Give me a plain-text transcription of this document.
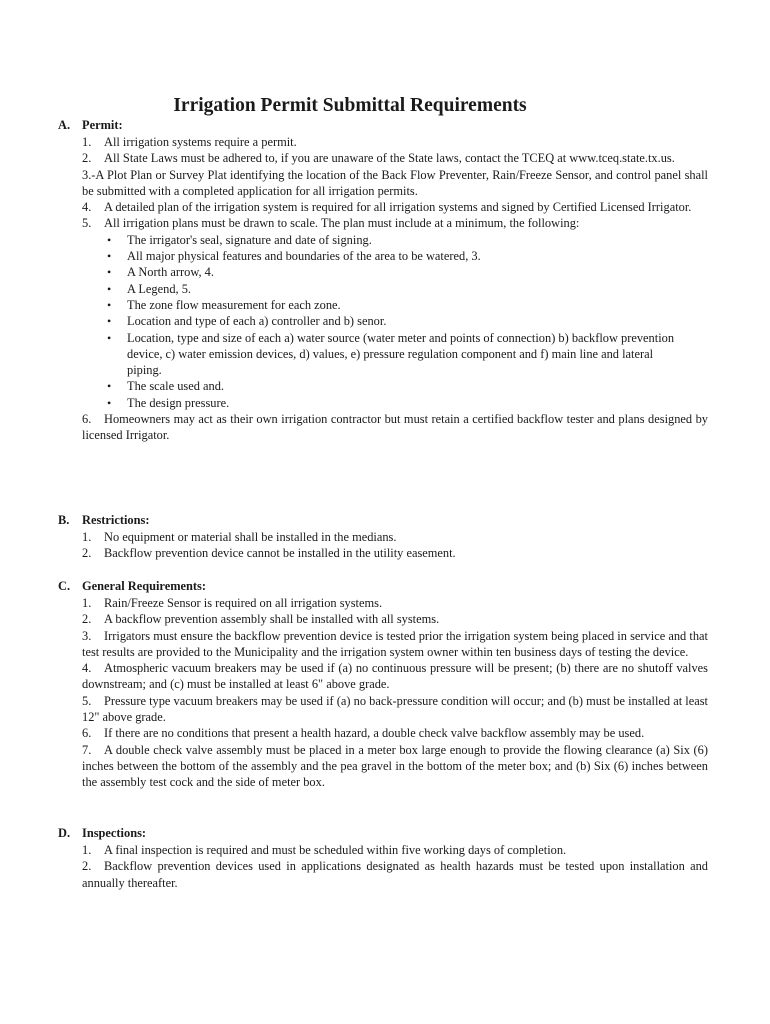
Irrigation Permit Submittal Requirements
A. Permit:
1. All irrigation systems require a permit.
2. All State Laws must be adhered to, if you are unaware of the State laws, contact the TCEQ at www.tceq.state.tx.us.
3.-A Plot Plan or Survey Plat identifying the location of the Back Flow Preventer, Rain/Freeze Sensor, and control panel shall be submitted with a completed application for all irrigation permits.
4. A detailed plan of the irrigation system is required for all irrigation systems and signed by Certified Licensed Irrigator.
5. All irrigation plans must be drawn to scale. The plan must include at a minimum, the following:
• The irrigator's seal, signature and date of signing.
• All major physical features and boundaries of the area to be watered, 3.
• A North arrow, 4.
• A Legend, 5.
• The zone flow measurement for each zone.
• Location and type of each a) controller and b) senor.
• Location, type and size of each a) water source (water meter and points of connection) b) backflow prevention device, c) water emission devices, d) values, e) pressure regulation component and f) main line and lateral piping.
• The scale used and.
• The design pressure.
6. Homeowners may act as their own irrigation contractor but must retain a certified backflow tester and plans designed by licensed Irrigator.
B. Restrictions:
1. No equipment or material shall be installed in the medians.
2. Backflow prevention device cannot be installed in the utility easement.
C. General Requirements:
1. Rain/Freeze Sensor is required on all irrigation systems.
2. A backflow prevention assembly shall be installed with all systems.
3. Irrigators must ensure the backflow prevention device is tested prior the irrigation system being placed in service and that test results are provided to the Municipality and the irrigation system owner within ten business days of testing the device.
4. Atmospheric vacuum breakers may be used if (a) no continuous pressure will be present; (b) there are no shutoff valves downstream; and (c) must be installed at least 6" above grade.
5. Pressure type vacuum breakers may be used if (a) no back-pressure condition will occur; and (b) must be installed at least 12" above grade.
6. If there are no conditions that present a health hazard, a double check valve backflow assembly may be used.
7. A double check valve assembly must be placed in a meter box large enough to provide the flowing clearance (a) Six (6) inches between the bottom of the assembly and the pea gravel in the bottom of the meter box; and (b) Six (6) inches between the assembly test cock and the side of meter box.
D. Inspections:
1. A final inspection is required and must be scheduled within five working days of completion.
2. Backflow prevention devices used in applications designated as health hazards must be tested upon installation and annually thereafter.
